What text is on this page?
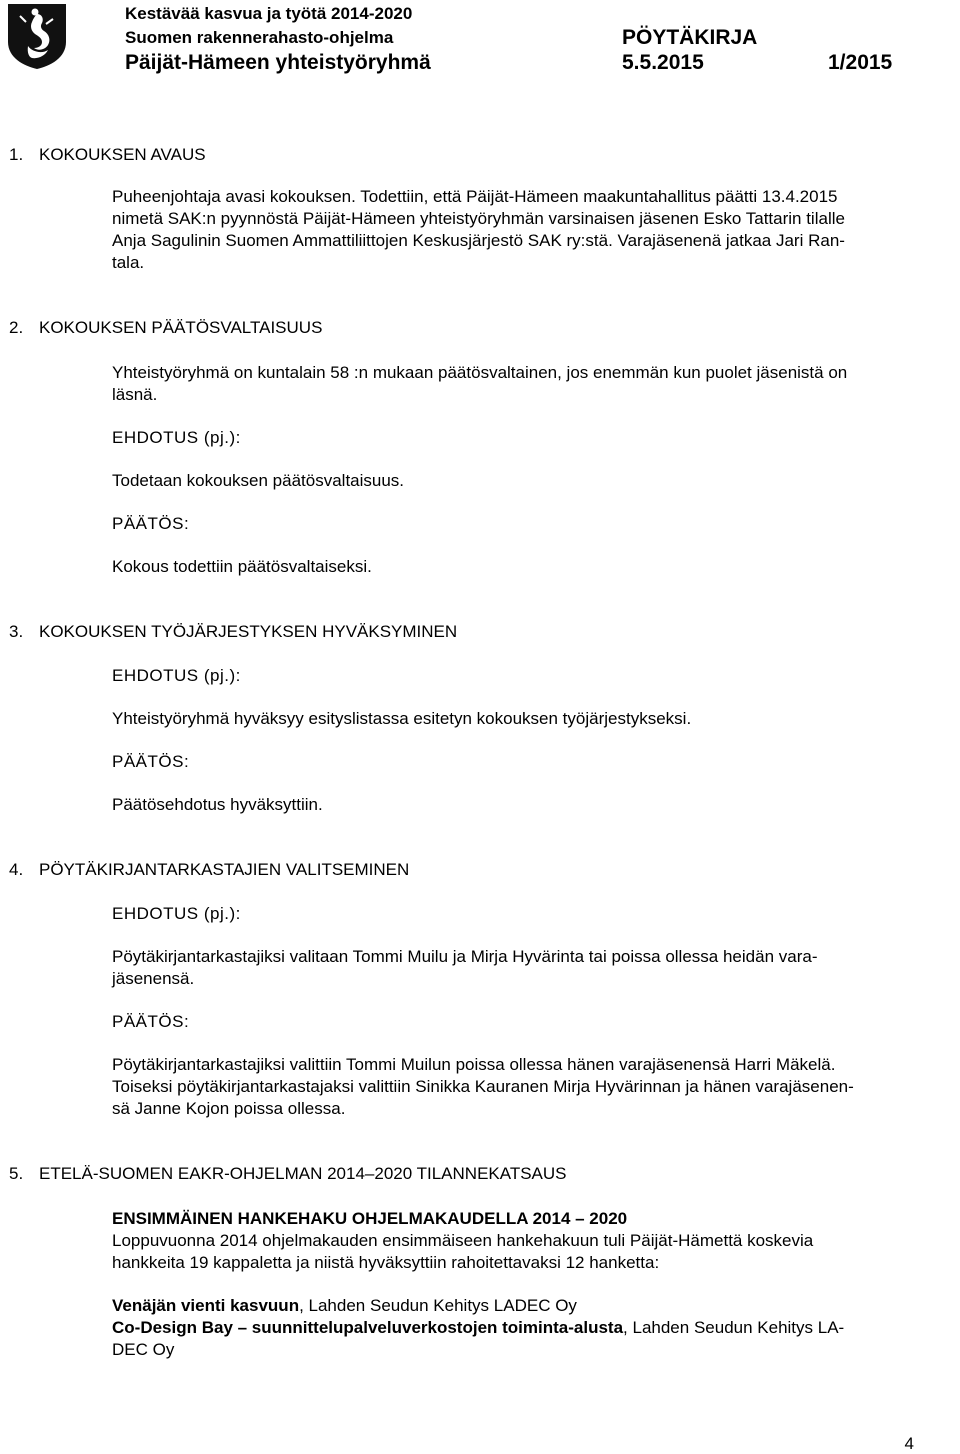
Kestävää kasvua ja työtä 2014-2020
Suomen rakennerahasto-ohjelma
Päijät-Hämeen yhteistyöryhmä
PÖYTÄKIRJA
5.5.2015	1/2015
1. KOKOUKSEN AVAUS
Puheenjohtaja avasi kokouksen. Todettiin, että Päijät-Hämeen maakuntahallitus päätti 13.4.2015
nimetä SAK:n pyynnöstä Päijät-Hämeen yhteistyöryhmän varsinaisen jäsenen Esko Tattarin tilalle
Anja Sagulinin Suomen Ammattiliittojen Keskusjärjestö SAK ry:stä. Varajäsenenä jatkaa Jari Ran-
tala.
2. KOKOUKSEN PÄÄTÖSVALTAISUUS
Yhteistyöryhmä on kuntalain 58 :n mukaan päätösvaltainen, jos enemmän kun puolet jäsenistä on
läsnä.
EHDOTUS (pj.):
Todetaan kokouksen päätösvaltaisuus.
PÄÄTÖS:
Kokous todettiin päätösvaltaiseksi.
3. KOKOUKSEN TYÖJÄRJESTYKSEN HYVÄKSYMINEN
EHDOTUS (pj.):
Yhteistyöryhmä hyväksyy esityslistassa esitetyn kokouksen työjärjestykseksi.
PÄÄTÖS:
Päätösehdotus hyväksyttiin.
4. PÖYTÄKIRJANTARKASTAJIEN VALITSEMINEN
EHDOTUS (pj.):
Pöytäkirjantarkastajiksi valitaan Tommi Muilu ja Mirja Hyvärinta tai poissa ollessa heidän vara-
jäsenensä.
PÄÄTÖS:
Pöytäkirjantarkastajiksi valittiin Tommi Muilun poissa ollessa hänen varajäsenensä Harri Mäkelä.
Toiseksi pöytäkirjantarkastajaksi valittiin Sinikka Kauranen Mirja Hyvärinnan ja hänen varajäsenen-
sä Janne Kojon poissa ollessa.
5. ETELÄ-SUOMEN EAKR-OHJELMAN 2014–2020 TILANNEKATSAUS
ENSIMMÄINEN HANKEHAKU OHJELMAKAUDELLA 2014 – 2020
Loppuvuonna 2014 ohjelmakauden ensimmäiseen hankehakuun tuli Päijät-Hämettä koskevia
hankkeita 19 kappaletta ja niistä hyväksyttiin rahoitettavaksi 12 hanketta:
Venäjän vienti kasvuun, Lahden Seudun Kehitys LADEC Oy
Co-Design Bay – suunnittelupalveluverkostojen toiminta-alusta, Lahden Seudun Kehitys LA-
DEC Oy
4
